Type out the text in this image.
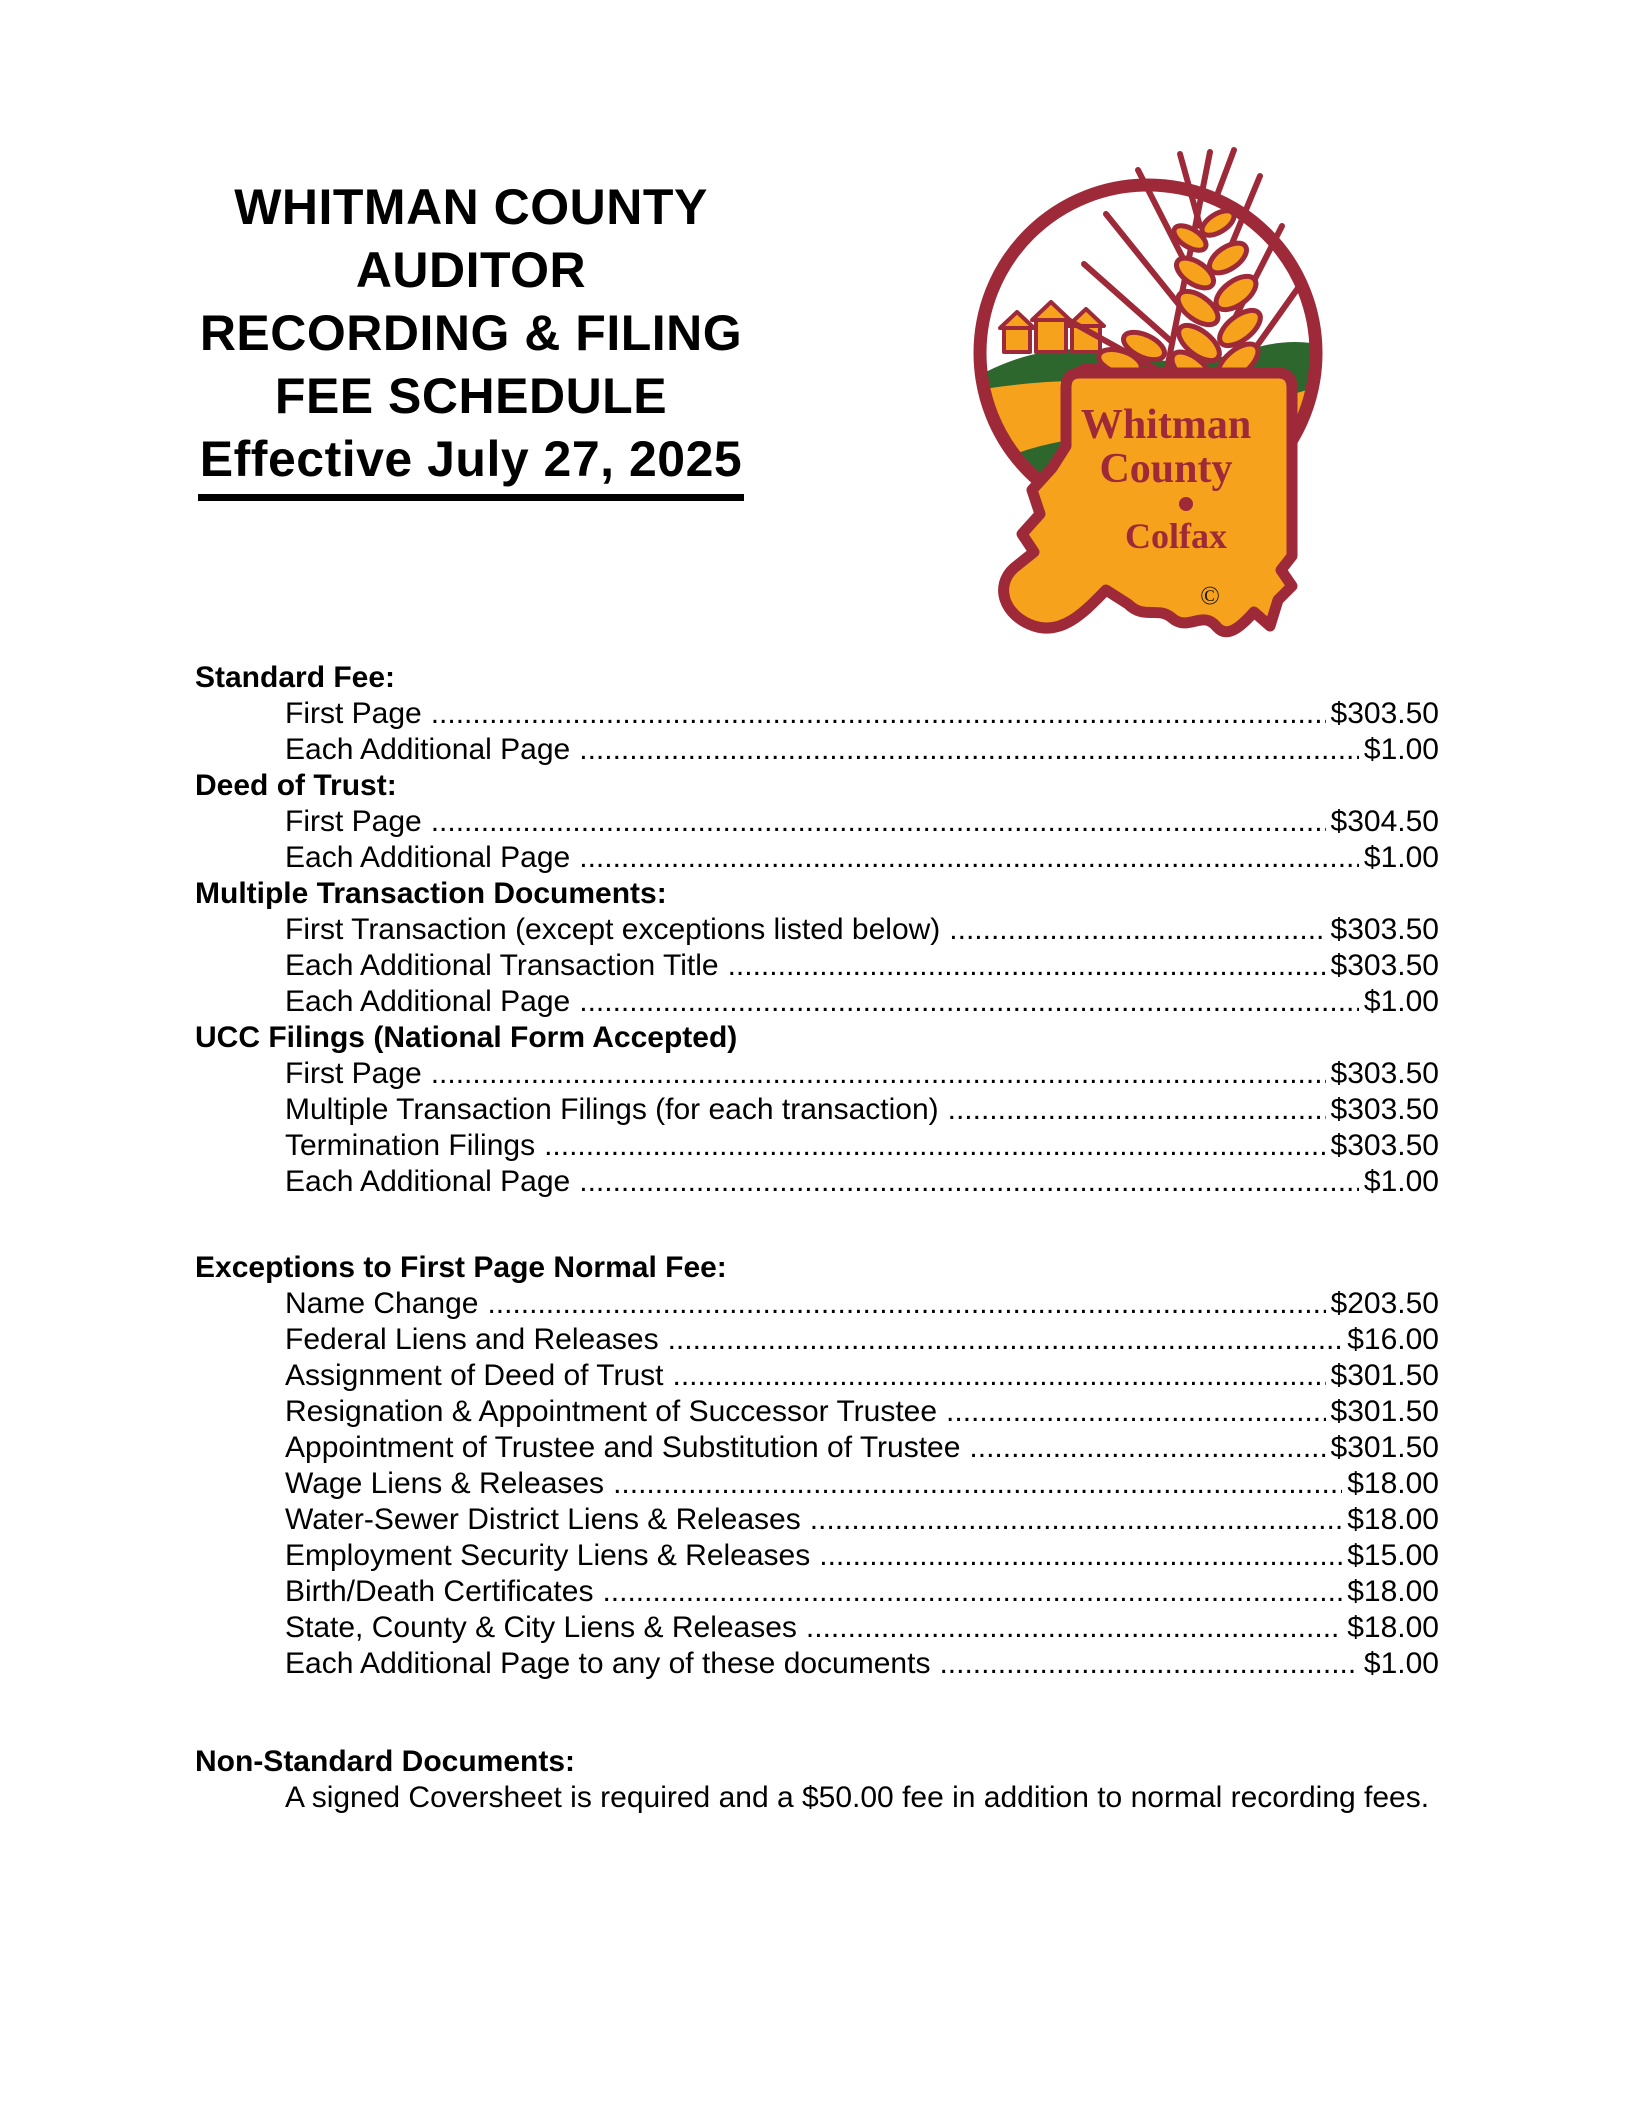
WHITMAN COUNTY
AUDITOR
RECORDING & FILING
FEE SCHEDULE
Effective July 27, 2025
Whitman
County
Colfax
©
Standard Fee:
First Page .....	$303.50
Each Additional Page .....	$1.00
Deed of Trust:
First Page .....	$304.50
Each Additional Page .....	$1.00
Multiple Transaction Documents:
First Transaction (except exceptions listed below) .....	$303.50
Each Additional Transaction Title .....	$303.50
Each Additional Page .....	$1.00
UCC Filings (National Form Accepted)
First Page .....	$303.50
Multiple Transaction Filings (for each transaction) .....	$303.50
Termination Filings .....	$303.50
Each Additional Page .....	$1.00
Exceptions to First Page Normal Fee:
Name Change .....	$203.50
Federal Liens and Releases .....	$16.00
Assignment of Deed of Trust .....	$301.50
Resignation & Appointment of Successor Trustee .....	$301.50
Appointment of Trustee and Substitution of Trustee .....	$301.50
Wage Liens & Releases .....	$18.00
Water-Sewer District Liens & Releases .....	$18.00
Employment Security Liens & Releases .....	$15.00
Birth/Death Certificates .....	$18.00
State, County & City Liens & Releases .....	$18.00
Each Additional Page to any of these documents .....	$1.00
Non-Standard Documents:
A signed Coversheet is required and a $50.00 fee in addition to normal recording fees.
